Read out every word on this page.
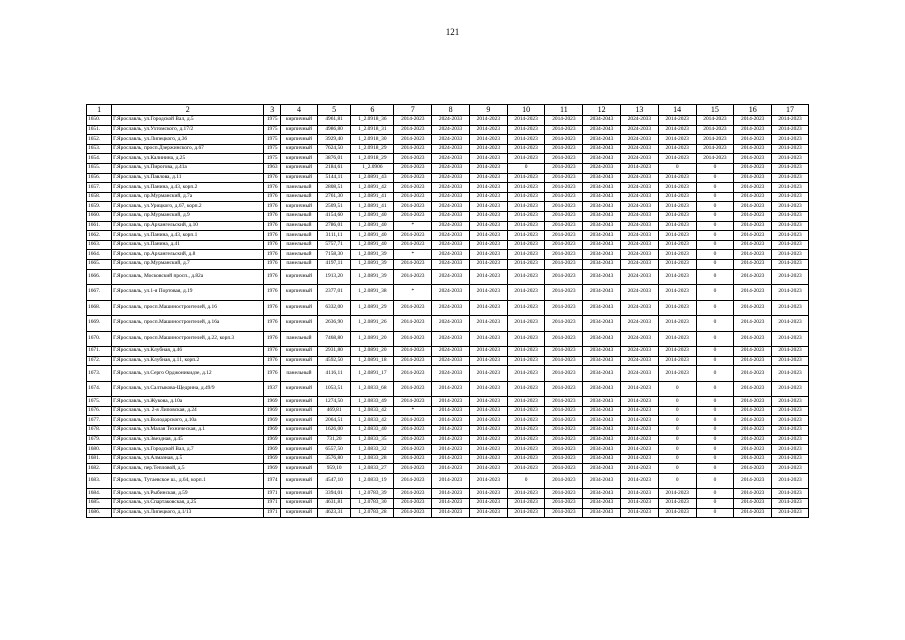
121
1	2	3	4	5	6	7	8	9	10	11	12	13	14	15	16	17
1650.	Г.Ярославль, ул.Городской Вал, д.5	1975	кирпичный	4961,81	1_2.0918_36	2014-2023	2024-2033	2014-2023	2014-2023	2014-2023	2034-2043	2024-2033	2014-2023	2014-2023	2014-2023	2014-2023
1651.	Г.Ярославль, ул.Ухтомского, д.17/2	1975	кирпичный	4986,80	1_2.0918_31	2014-2023	2024-2033	2014-2023	2014-2023	2014-2023	2034-2043	2024-2033	2014-2023	2014-2023	2014-2023	2014-2023
1652.	Г.Ярославль, ул.Липецкого, д.36	1975	кирпичный	3929,40	1_2.0918_30	2014-2023	2024-2033	2014-2023	2014-2023	2014-2023	2034-2043	2024-2033	2014-2023	2014-2023	2014-2023	2014-2023
1653.	Г.Ярославль, просп.Дзержинского, д.67	1975	кирпичный	7624,50	1_2.0918_29	2014-2023	2024-2033	2014-2023	2014-2023	2014-2023	2034-2043	2024-2033	2014-2023	2014-2023	2014-2023	2014-2023
1654.	Г.Ярославль, ул.Калинина, д.25	1975	кирпичный	3876,01	1_2.0918_29	2014-2023	2024-2033	2014-2023	2014-2023	2014-2023	2034-2043	2024-2033	2014-2023	2014-2023	2014-2023	2014-2023
1655.	Г.Ярославль, ул.Пирогова, д.41а	1963	кирпичный	2184,61	1_2.0906	2014-2023	2024-2033	2014-2023	0	2014-2023	2024-2033	2014-2023	0	0	2014-2023	2014-2023
1656.	Г.Ярославль, ул.Павлова, д.11	1976	кирпичный	5144,11	1_2.0891_43	2014-2023	2024-2033	2014-2023	2014-2023	2014-2023	2034-2043	2024-2033	2014-2023	0	2014-2023	2014-2023
1657.	Г.Ярославль, ул.Панина, д.43, корп.2	1976	панельный	2808,51	1_2.0891_42	2014-2023	2024-2033	2014-2023	2014-2023	2014-2023	2034-2043	2024-2033	2014-2023	0	2014-2023	2014-2023
1658.	Г.Ярославль, пр.Мурманский, д.7а	1976	панельный	2761,30	1_2.0891_41	2014-2023	2024-2033	2014-2023	2014-2023	2014-2023	2034-2043	2024-2033	2014-2023	0	2014-2023	2014-2023
1659.	Г.Ярославль, ул.Урицкого, д.67, корп.2	1976	кирпичный	2509,51	1_2.0891_41	2014-2023	2024-2033	2014-2023	2014-2023	2014-2023	2034-2043	2024-2033	2014-2023	0	2014-2023	2014-2023
1660.	Г.Ярославль, пр.Мурманский, д.9	1976	панельный	4154,60	1_2.0891_40	2014-2023	2024-2033	2014-2023	2014-2023	2014-2023	2034-2043	2024-2033	2014-2023	0	2014-2023	2014-2023
1661.	Г.Ярославль, пр.Архангельский, д.10	1976	панельный	2786,01	1_2.0891_40	*	2024-2033	2014-2023	2014-2023	2014-2023	2034-2043	2024-2033	2014-2023	0	2014-2023	2014-2023
1662.	Г.Ярославль, ул.Панина, д.43, корп.1	1976	панельный	3111,11	1_2.0891_40	2014-2023	2024-2033	2014-2023	2014-2023	2014-2023	2034-2043	2024-2033	2014-2023	0	2014-2023	2014-2023
1663.	Г.Ярославль, ул.Панина, д.41	1976	панельный	5757,71	1_2.0891_40	2014-2023	2024-2033	2014-2023	2014-2023	2014-2023	2034-2043	2024-2033	2014-2023	0	2014-2023	2014-2023
1664.	Г.Ярославль, пр.Архангельский, д.8	1976	панельный	7158,30	1_2.0891_39	*	2024-2033	2014-2023	2014-2023	2014-2023	2034-2043	2024-2033	2014-2023	0	2014-2023	2014-2023
1665.	Г.Ярославль, пр.Мурманский, д.7	1976	панельный	4197,11	1_2.0891_39	2014-2023	2024-2033	2014-2023	2014-2023	2014-2023	2034-2043	2024-2033	2014-2023	0	2014-2023	2014-2023
1666.	Г.Ярославль, Московский просп., д.82а	1976	кирпичный	1913,20	1_2.0891_39	2014-2023	2024-2033	2014-2023	2014-2023	2014-2023	2034-2043	2024-2033	2014-2023	0	2014-2023	2014-2023
1667.	Г.Ярославль, ул.1-я Портовая, д.19	1976	кирпичный	2377,01	1_2.0891_38	*	2024-2033	2014-2023	2014-2023	2014-2023	2034-2043	2024-2033	2014-2023	0	2014-2023	2014-2023
1668.	Г.Ярославль, просп.Машиностроителей, д.16	1976	кирпичный	6332,00	1_2.0891_29	2014-2023	2024-2033	2014-2023	2014-2023	2014-2023	2034-2043	2024-2033	2014-2023	0	2014-2023	2014-2023
1669.	Г.Ярославль, просп.Машиностроителей, д.16а	1976	кирпичный	2636,90	1_2.0891_26	2014-2023	2024-2033	2014-2023	2014-2023	2014-2023	2034-2043	2024-2033	2014-2023	0	2014-2023	2014-2023
1670.	Г.Ярославль, просп.Машиностроителей, д.22, корп.3	1976	панельный	7468,80	1_2.0891_20	2014-2023	2024-2033	2014-2023	2014-2023	2014-2023	2034-2043	2024-2033	2014-2023	0	2014-2023	2014-2023
1671.	Г.Ярославль, ул.Клубная, д.46	1976	кирпичный	2931,80	1_2.0891_20	2014-2023	2024-2033	2014-2023	2014-2023	2014-2023	2034-2043	2024-2033	2014-2023	0	2014-2023	2014-2023
1672.	Г.Ярославль, ул.Клубная, д.11, корп.2	1976	кирпичный	4592,50	1_2.0891_18	2014-2023	2024-2033	2014-2023	2014-2023	2014-2023	2034-2043	2024-2033	2014-2023	0	2014-2023	2014-2023
1673.	Г.Ярославль, ул.Серго Орджоникидзе, д.12	1976	панельный	4116,11	1_2.0891_17	2014-2023	2024-2033	2014-2023	2014-2023	2014-2023	2034-2043	2024-2033	2014-2023	0	2014-2023	2014-2023
1674.	Г.Ярославль, ул.Салтыкова-Щедрина, д.49/9	1937	кирпичный	1053,51	1_2.0833_68	2014-2023	2014-2023	2014-2023	2014-2023	2014-2023	2034-2043	2014-2023	0	0	2014-2023	2014-2023
1675.	Г.Ярославль, ул.Жукова, д.10а	1969	кирпичный	1274,50	1_2.0833_49	2014-2023	2014-2023	2014-2023	2014-2023	2014-2023	2034-2043	2014-2023	0	0	2014-2023	2014-2023
1676.	Г.Ярославль, ул. 2-я Липовская, д.24	1969	кирпичный	469,81	1_2.0833_42	*	2014-2023	2014-2023	2014-2023	2014-2023	2034-2043	2014-2023	0	0	2014-2023	2014-2023
1677.	Г.Ярославль, ул.Володарского, д.10а	1969	кирпичный	2064,51	1_2.0833_42	2014-2023	2014-2023	2014-2023	2014-2023	2014-2023	2034-2043	2014-2023	0	0	2014-2023	2014-2023
1678.	Г.Ярославль, ул.Малая Техническая, д.1	1969	кирпичный	1626,00	1_2.0833_40	2014-2023	2014-2023	2014-2023	2014-2023	2014-2023	2034-2043	2014-2023	0	0	2014-2023	2014-2023
1679.	Г.Ярославль, ул.Звездная, д.45	1969	кирпичный	731,20	1_2.0833_35	2014-2023	2014-2023	2014-2023	2014-2023	2014-2023	2034-2043	2014-2023	0	0	2014-2023	2014-2023
1680.	Г.Ярославль, ул.Городской Вал, д.7	1969	кирпичный	6557,50	1_2.0833_32	2014-2023	2014-2023	2014-2023	2014-2023	2014-2023	2034-2043	2014-2023	0	0	2014-2023	2014-2023
1681.	Г.Ярославль, ул.Алмазная, д.5	1969	кирпичный	3576,80	1_2.0833_28	2014-2023	2014-2023	2014-2023	2014-2023	2014-2023	2034-2043	2014-2023	0	0	2014-2023	2014-2023
1682.	Г.Ярославль, пер.Тепловой, д.5	1969	кирпичный	959,10	1_2.0833_27	2014-2023	2014-2023	2014-2023	2014-2023	2014-2023	2034-2043	2014-2023	0	0	2014-2023	2014-2023
1683.	Г.Ярославль, Тутаевское ш., д.64, корп.1	1974	кирпичный	4547,10	1_2.0833_19	2014-2023	2014-2023	2014-2023	0	2014-2023	2034-2043	2014-2023	0	0	2014-2023	2014-2023
1684.	Г.Ярославль, ул.Рыбинская, д.59	1971	кирпичный	3394,01	1_2.0783_39	2014-2023	2014-2023	2014-2023	2014-2023	2014-2023	2034-2043	2014-2023	2014-2023	0	2014-2023	2014-2023
1685.	Г.Ярославль, ул.Спартаковская, д.25	1971	кирпичный	4631,81	1_2.0783_30	2014-2023	2014-2023	2014-2023	2014-2023	2014-2023	2034-2043	2014-2023	2014-2023	0	2014-2023	2014-2023
1686.	Г.Ярославль, ул.Липецкого, д.1/13	1971	кирпичный	4623,31	1_2.0783_28	2014-2023	2014-2023	2014-2023	2014-2023	2014-2023	2034-2043	2014-2023	2014-2023	0	2014-2023	2014-2023
